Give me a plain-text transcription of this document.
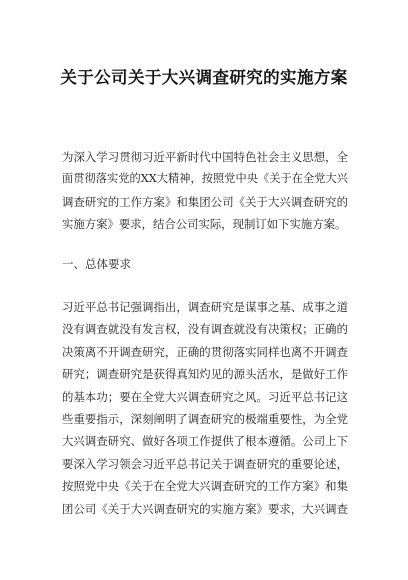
关于公司关于大兴调查研究的实施方案
为深入学习贯彻习近平新时代中国特色社会主义思想，全
面贯彻落实党的XX大精神，按照党中央《关于在全党大兴
调查研究的工作方案》和集团公司《关于大兴调查研究的
实施方案》要求，结合公司实际，现制订如下实施方案。
一、总体要求
习近平总书记强调指出，调查研究是谋事之基、成事之道
没有调查就没有发言权，没有调查就没有决策权；正确的
决策离不开调查研究，正确的贯彻落实同样也离不开调查
研究；调查研究是获得真知灼见的源头活水，是做好工作
的基本功；要在全党大兴调查研究之风。习近平总书记这
些重要指示，深刻阐明了调查研究的极端重要性，为全党
大兴调查研究、做好各项工作提供了根本遵循。公司上下
要深入学习领会习近平总书记关于调查研究的重要论述，
按照党中央《关于在全党大兴调查研究的工作方案》和集
团公司《关于大兴调查研究的实施方案》要求，大兴调查
